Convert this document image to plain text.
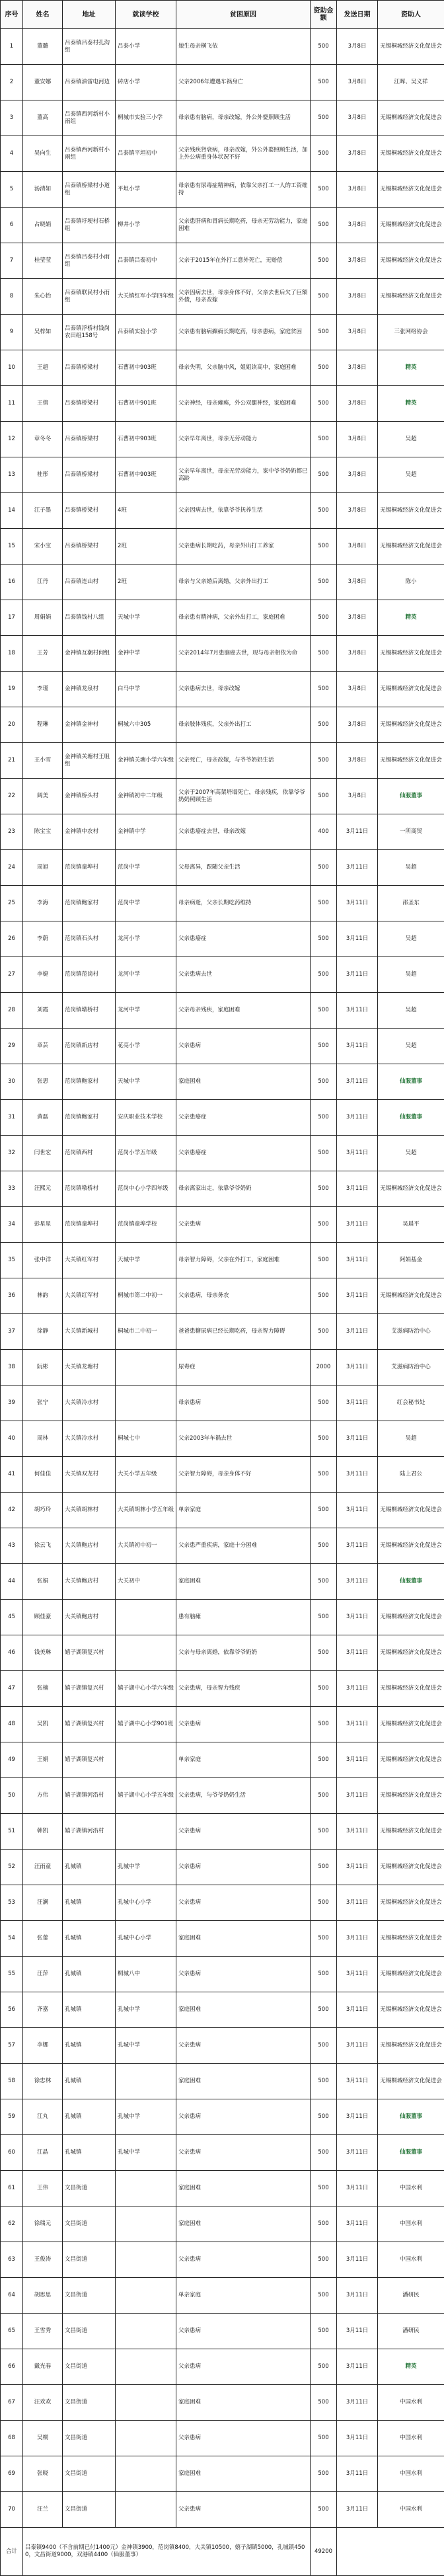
序号	姓名	地址	就读学校	贫困原因	资助金额	发送日期	资助人
1	董璐	吕泰镇吕泰村孔沟组	吕泰小学	娘生母亲横飞依	500	3月8日	无锡桐城经济文化促进会
2	董安娜	吕泰镇油雷电河边	砖店小学	父亲2006年遭遇车祸身亡	500	3月8日	江晖、吴义祥
3	董高	吕泰镇西河新村小雨组	桐城市实验三小学	母亲患有脑病，母亲改嫁，外公外婆照顾生活	500	3月8日	无锡桐城经济文化促进会
4	吴向生	吕泰镇西河新村小雨组	吕泰镇平坦初中	父亲残疾肾衰病，母亲改嫁，外公外婆照顾生活，加上外公病重身体状况不好	500	3月8日	无锡桐城经济文化促进会
5	汤清如	吕泰镇桥梁村小道组	平坦小学	母亲患有尿毒症精神病，依靠父亲打工一人的工资维持	500	3月8日	无锡桐城经济文化促进会
6	占晓娟	吕泰镇圩埂村石桥组	柳井小学	父亲患肝病和胃病长期吃药，母亲无劳动能力，家庭困难	500	3月8日	无锡桐城经济文化促进会
7	桂莹莹	吕泰镇吕泰村小雨组	吕泰镇吕泰初中	父亲于2015年在外打工意外死亡，无赔偿	500	3月8日	无锡桐城经济文化促进会
8	朱心怡	吕泰镇联民村小雨组	大关镇红军小学四年级	父亲因病去世，母亲身体不好，父亲去世后欠了巨额外债，母亲改嫁	500	3月8日	无锡桐城经济文化促进会
9	吴梓如	吕泰镇浮桥村钱岗农田组158号	吕泰镇实验小学	父亲患有脑病癫痫长期吃药，母亲患病，家庭贫困	500	3月8日	三张网络协会
10	王超	吕泰镇桥梁村	石曹初中903班	母亲失明，父亲脑中风，姐姐读高中，家庭困难	500	3月8日	精英
11	王倩	吕泰镇桥梁村	石曹初中901班	父亲神经，母亲瘫痪，外公双腿神经，家庭困难	500	3月8日	精英
12	章冬冬	吕泰镇桥梁村	石曹初中903班	父亲早年离世，母亲无劳动能力	500	3月8日	吴超
13	桂彤	吕泰镇桥梁村	石曹初中903班	父亲早年离世，母亲无劳动能力，家中爷爷奶奶都已高龄	500	3月8日	吴超
14	江子墨	吕泰镇桥梁村	4班	父亲因病去世，依靠爷爷抚养生活	500	3月8日	无锡桐城经济文化促进会
15	宋小宝	吕泰镇桥梁村	2班	父亲患病长期吃药，母亲外出打工养家	500	3月8日	无锡桐城经济文化促进会
16	江丹	吕泰镇连山村	2班	母亲与父亲婚后离婚，父亲外出打工	500	3月8日	陈小
17	周娟娟	吕泰镇钱村八组	天城中学	母亲患有精神病，父亲外出打工，家庭困难	500	3月8日	精英
18	王芳	金神镇互潮村何组	金神中学	父亲2014年7月患脑癌去世，现与母亲相依为命	500	3月8日	无锡桐城经济文化促进会
19	李瑾	金神镇龙泉村	白马中学	父亲患病去世，母亲改嫁	500	3月8日	无锡桐城经济文化促进会
20	程琳	金神镇金神村	桐城六中305	母亲肢体残疾，父亲外出打工	500	3月8日	无锡桐城经济文化促进会
21	王小雪	金神镇关塘村王咀组	金神镇关塘小学六年级	父亲死亡，母亲改嫁，与爷爷奶奶生活	500	3月8日	无锡桐城经济文化促进会
22	阔美	金神镇桥头村	金神镇初中二年级	父亲于2007年高架坍塌死亡，母亲残疾，依靠爷爷奶奶照顾生活	500	3月8日	仙服董事
23	陈宝宝	金神镇中农村	金神镇中学	父亲患癌症去世，母亲改嫁	400	3月11日	一所商贸
24	周旭	范岗镇童埠村	范岗中学	父母离异，跟随父亲生活	500	3月11日	吴超
25	李海	范岗镇鲍家村	范岗中学	母亲病逝，父亲长期吃药维持	500	3月11日	邵圣东
26	李蔚	范岗镇石头村	龙河小学	父亲患癌症	500	3月11日	吴超
27	李婕	范岗镇范岗村	龙河中学	父亲患病去世	500	3月11日	吴超
28	刘霞	范岗镇墩桥村	龙河中学	父亲母亲残疾，家庭困难	500	3月11日	吴超
29	章芸	范岗镇新店村	花亮小学	父亲患病	500	3月11日	吴超
30	张思	范岗镇鲍家村	天城中学	家庭困难	500	3月11日	仙服董事
31	黄磊	范岗镇鲍家村	安庆职业技术学校	父亲患癌症	500	3月11日	仙服董事
32	闫世宏	范岗镇西村	范岗小学五年级	父亲患癌症	500	3月11日	吴超
33	汪熙元	范岗镇墩桥村	范岗中心小学四年级	母亲离家出走，依靠爷爷奶奶	500	3月11日	无锡桐城经济文化促进会
34	彭星星	范岗镇童埠村	范岗镇童埠学校	父亲患病	500	3月11日	吴晨平
35	张中洋	大关镇红军村	天城中学	母亲智力障碍，父亲在外打工，家庭困难	500	3月11日	阿娟基金
36	林韵	大关镇红军村	桐城市第二中初一	父亲患病，母亲务农	500	3月11日	无锡桐城经济文化促进会
37	徐静	大关镇新城村	桐城市二中初一	爸爸患糖尿病已经长期吃药，母亲智力障碍	500	3月11日	艾滋病防治中心
38	阮彬	大关镇龙塘村		尿毒症	2000	3月11日	艾滋病防治中心
39	张宁	大关镇冷水村		母亲患病	500	3月11日	红会秘书处
40	周林	大关镇冷水村	桐城七中	父亲2003年车祸去世	500	3月11日	吴超
41	何佳佳	大关镇双龙村	大关小学五年级	父亲智力障碍，母亲身体不好	500	3月11日	陆上君公
42	胡巧玲	大关镇胡林村	大关镇胡林小学五年级	单亲家庭	500	3月11日	无锡桐城经济文化促进会
43	徐云飞	大关镇鲍店村	大关镇初中初一	父亲患严重疾病，家庭十分困难	500	3月11日	无锡桐城经济文化促进会
44	张娟	大关镇鲍店村	大关初中	家庭困难	500	3月11日	仙服董事
45	顾佳豪	大关镇鲍店村		患有脑瘫	500	3月11日	无锡桐城经济文化促进会
46	钱美琳	嬉子湖镇复兴村		父亲与母亲离婚，依靠爷爷奶奶	500	3月11日	无锡桐城经济文化促进会
47	张楠	嬉子湖镇复兴村	嬉子湖中心小学六年级	父亲患病，母亲智力残疾	500	3月11日	无锡桐城经济文化促进会
48	吴凯	嬉子湖镇复兴村	嬉子湖中心小学901班	父亲患病	500	3月11日	无锡桐城经济文化促进会
49	王娟	嬉子湖镇复兴村		单亲家庭	500	3月11日	无锡桐城经济文化促进会
50	方伟	嬉子湖镇河沿村	嬉子湖中心小学五年级	父亲患病，与爷爷奶奶生活	500	3月11日	无锡桐城经济文化促进会
51	韩凯	嬉子湖镇河沿村		父亲患病	500	3月11日	无锡桐城经济文化促进会
52	汪雨童	孔城镇	孔城中学	父亲患病	500	3月11日	无锡桐城经济文化促进会
53	汪澜	孔城镇	孔城中心小学	父亲患病	500	3月11日	无锡桐城经济文化促进会
54	张蕾	孔城镇	孔城中心小学	家庭困难	500	3月11日	无锡桐城经济文化促进会
55	汪萍	孔城镇	桐城八中	父亲患病	500	3月11日	无锡桐城经济文化促进会
56	齐嘉	孔城镇	孔城中学	家庭困难	500	3月11日	无锡桐城经济文化促进会
57	李娜	孔城镇	孔城中学	父亲患病	500	3月11日	无锡桐城经济文化促进会
58	徐忠林	孔城镇		家庭困难	500	3月11日	无锡桐城经济文化促进会
59	江丸	孔城镇	孔城中学	父亲患病	500	3月11日	仙服董事
60	江晶	孔城镇	孔城中学	父亲患病	500	3月11日	仙服董事
61	王伟	文昌街道		家庭困难	500	3月11日	中国水利
62	徐瑞元	文昌街道		家庭困难	500	3月11日	中国水利
63	王俊涛	文昌街道		父亲患病	500	3月11日	中国水利
64	胡思思	文昌街道		单亲家庭	500	3月11日	潘研民
65	王雪秀	文昌街道		父亲患病	500	3月11日	潘研民
66	戴光春	文昌街道		父亲患病	500	3月11日	精英
67	汪欢欢	文昌街道		家庭困难	500	3月11日	中国水利
68	吴桐	文昌街道		父亲患病	500	3月11日	中国水利
69	张晓	文昌街道		家庭困难	500	3月11日	中国水利
70	汪兰	文昌街道		父亲患病	500	3月11日	中国水利
合计	吕泰镇9400（不含前期已付1400元）金神镇3900，范岗镇8400，大关镇10500，嬉子湖镇5000，孔城镇4500，文昌街道9000，双港镇4400（仙服董事）				49200		
